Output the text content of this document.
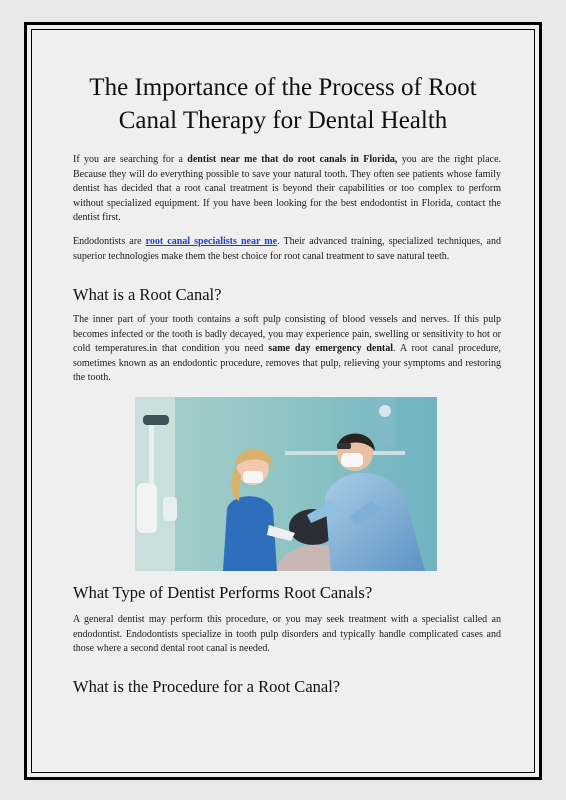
The Importance of the Process of Root Canal Therapy for Dental Health

If you are searching for a dentist near me that do root canals in Florida, you are the right place. Because they will do everything possible to save your natural tooth. They often see patients whose family dentist has decided that a root canal treatment is beyond their capabilities or too complex to perform without specialized equipment. If you have been looking for the best endodontist in Florida, contact the dentist first.

Endodontists are root canal specialists near me. Their advanced training, specialized techniques, and superior technologies make them the best choice for root canal treatment to save natural teeth.

What is a Root Canal?

The inner part of your tooth contains a soft pulp consisting of blood vessels and nerves. If this pulp becomes infected or the tooth is badly decayed, you may experience pain, swelling or sensitivity to hot or cold temperatures.in that condition you need same day emergency dental. A root canal procedure, sometimes known as an endodontic procedure, removes that pulp, relieving your symptoms and restoring the tooth.

What Type of Dentist Performs Root Canals?

A general dentist may perform this procedure, or you may seek treatment with a specialist called an endodontist. Endodontists specialize in tooth pulp disorders and typically handle complicated cases and those where a second dental root canal is needed.

What is the Procedure for a Root Canal?
